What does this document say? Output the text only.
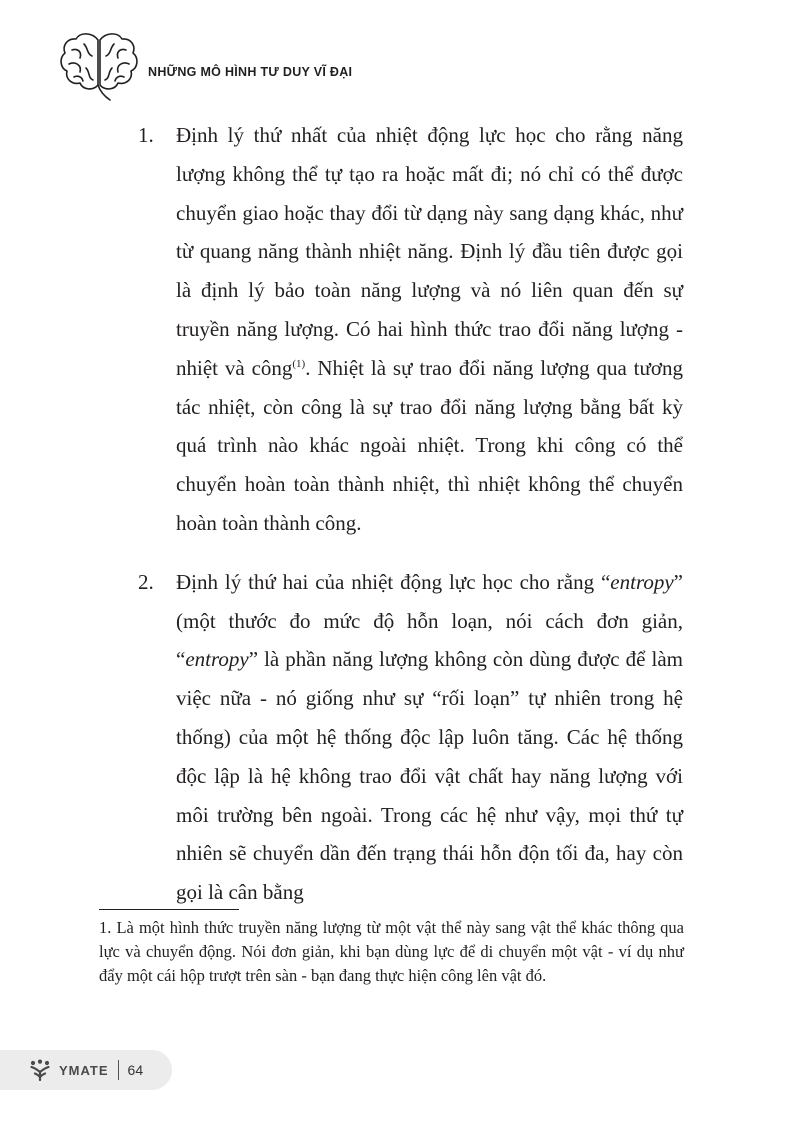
NHỮNG MÔ HÌNH TƯ DUY VĨ ĐẠI
1.	Định lý thứ nhất của nhiệt động lực học cho rằng năng lượng không thể tự tạo ra hoặc mất đi; nó chỉ có thể được chuyển giao hoặc thay đổi từ dạng này sang dạng khác, như từ quang năng thành nhiệt năng. Định lý đầu tiên được gọi là định lý bảo toàn năng lượng và nó liên quan đến sự truyền năng lượng. Có hai hình thức trao đổi năng lượng - nhiệt và công$^{(1)}$. Nhiệt là sự trao đổi năng lượng qua tương tác nhiệt, còn công là sự trao đổi năng lượng bằng bất kỳ quá trình nào khác ngoài nhiệt. Trong khi công có thể chuyển hoàn toàn thành nhiệt, thì nhiệt không thể chuyển hoàn toàn thành công.

2.	Định lý thứ hai của nhiệt động lực học cho rằng “entropy” (một thước đo mức độ hỗn loạn, nói cách đơn giản, “entropy” là phần năng lượng không còn dùng được để làm việc nữa - nó giống như sự “rối loạn” tự nhiên trong hệ thống) của một hệ thống độc lập luôn tăng. Các hệ thống độc lập là hệ không trao đổi vật chất hay năng lượng với môi trường bên ngoài. Trong các hệ như vậy, mọi thứ tự nhiên sẽ chuyển dần đến trạng thái hỗn độn tối đa, hay còn gọi là cân bằng

1. Là một hình thức truyền năng lượng từ một vật thể này sang vật thể khác thông qua lực và chuyển động. Nói đơn giản, khi bạn dùng lực để di chuyển một vật - ví dụ như đẩy một cái hộp trượt trên sàn - bạn đang thực hiện công lên vật đó.

YMATE 64
